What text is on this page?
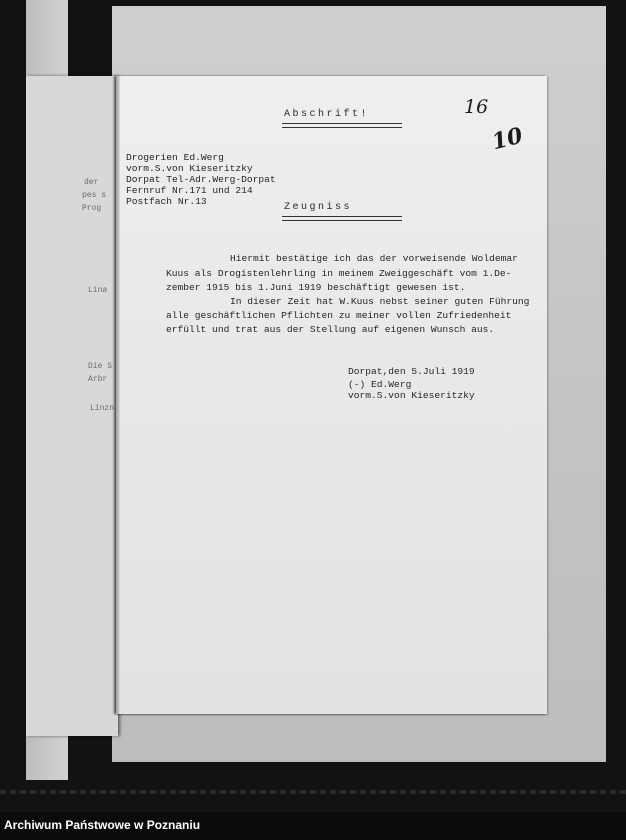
der
pes s
Prog
Lina
Die S
Arbr
Linzn
Abschrift!	16
10
Drogerien Ed.Werg
vorm.S.von Kieseritzky
Dorpat Tel-Adr.Werg-Dorpat
Fernruf Nr.171 und 214
Postfach Nr.13
Zeugniss
Hiermit bestätige ich das der vorweisende Woldemar
Kuus als Drogistenlehrling in meinem Zweiggeschäft vom 1.De-
zember 1915 bis 1.Juni 1919 beschäftigt gewesen ist.
In dieser Zeit hat W.Kuus nebst seiner guten Führung
alle geschäftlichen Pflichten zu meiner vollen Zufriedenheit
erfüllt und trat aus der Stellung auf eigenen Wunsch aus.
Dorpat,den 5.Juli 1919
(-) Ed.Werg
vorm.S.von Kieseritzky
Archiwum Państwowe w Poznaniu
